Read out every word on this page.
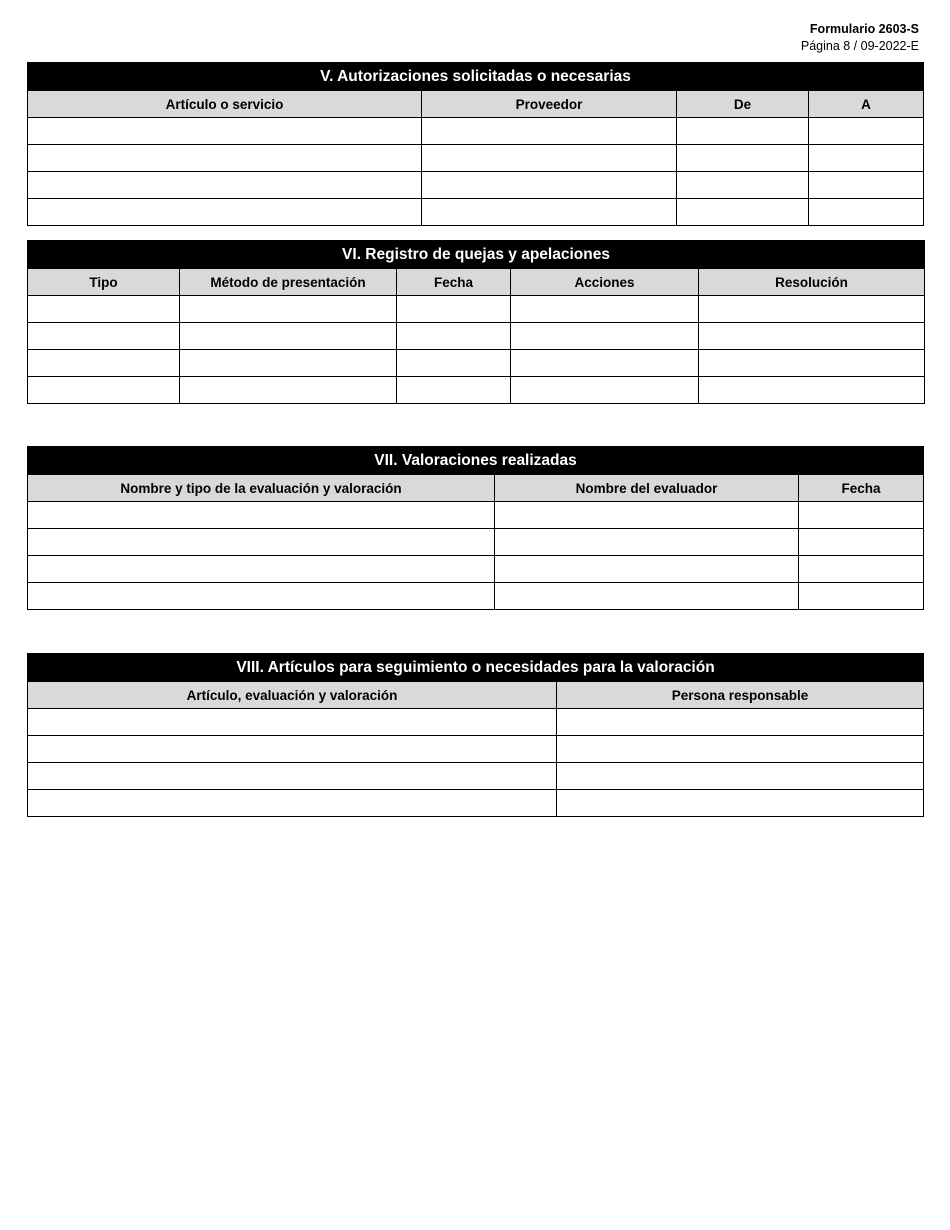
Formulario 2603-S
Página 8 / 09-2022-E
V. Autorizaciones solicitadas o necesarias			
Artículo o servicio	Proveedor	De	A

VI. Registro de quejas y apelaciones				
Tipo	Método de presentación	Fecha	Acciones	Resolución

VII. Valoraciones realizadas		
Nombre y tipo de la evaluación y valoración	Nombre del evaluador	Fecha

VIII. Artículos para seguimiento o necesidades para la valoración	
Artículo, evaluación y valoración	Persona responsable
